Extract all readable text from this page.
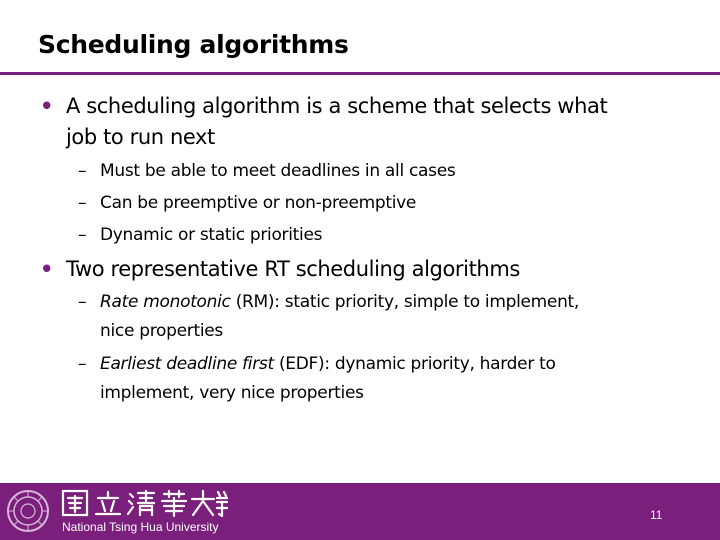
Scheduling algorithms
• A scheduling algorithm is a scheme that selects what
job to run next
– Must be able to meet deadlines in all cases
– Can be preemptive or non-preemptive
– Dynamic or static priorities
• Two representative RT scheduling algorithms
– Rate monotonic (RM): static priority, simple to implement,
nice properties
– Earliest deadline first (EDF): dynamic priority, harder to
implement, very nice properties
National Tsing Hua University
11
